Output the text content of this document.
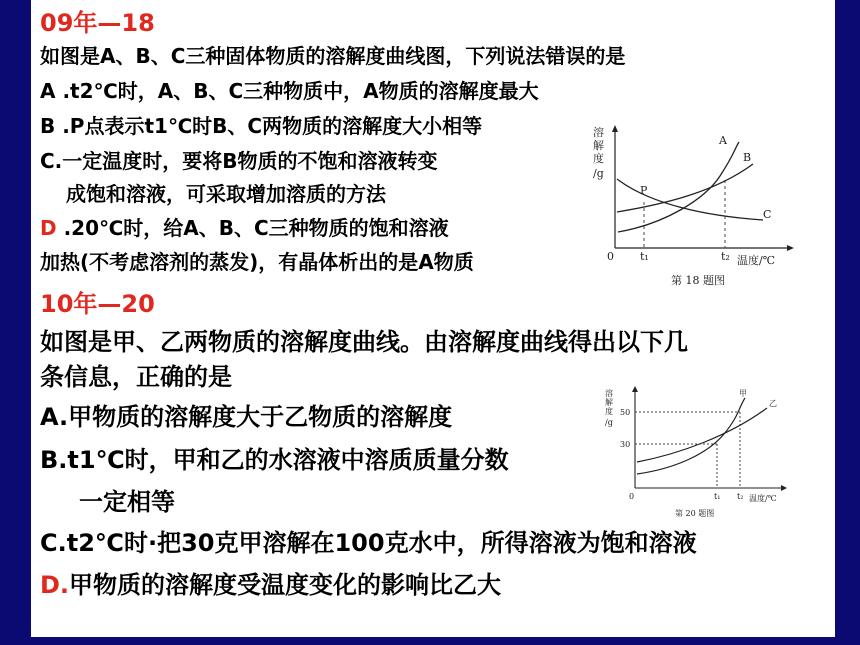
09年—18
如图是A、B、C三种固体物质的溶解度曲线图，下列说法错误的是
A .t2℃时，A、B、C三种物质中，A物质的溶解度最大
B .P点表示t1℃时B、C两物质的溶解度大小相等
C.一定温度时，要将B物质的不饱和溶液转变
成饱和溶液，可采取增加溶质的方法
D .20℃时，给A、B、C三种物质的饱和溶液
加热(不考虑溶剂的蒸发)，有晶体析出的是A物质
溶
解
度
/g
A
B
C
P
0 t₁	t₂ 温度/℃
第 18 题图
10年—20
如图是甲、乙两物质的溶解度曲线。由溶解度曲线得出以下几
条信息，正确的是
A.甲物质的溶解度大于乙物质的溶解度
B.t1℃时，甲和乙的水溶液中溶质质量分数
一定相等
C.t2℃时·把30克甲溶解在100克水中，所得溶液为饱和溶液
D.甲物质的溶解度受温度变化的影响比乙大
溶
解
度
/g
50
30
甲
乙
0	t₁ t₂ 温度/℃
第 20 题图
